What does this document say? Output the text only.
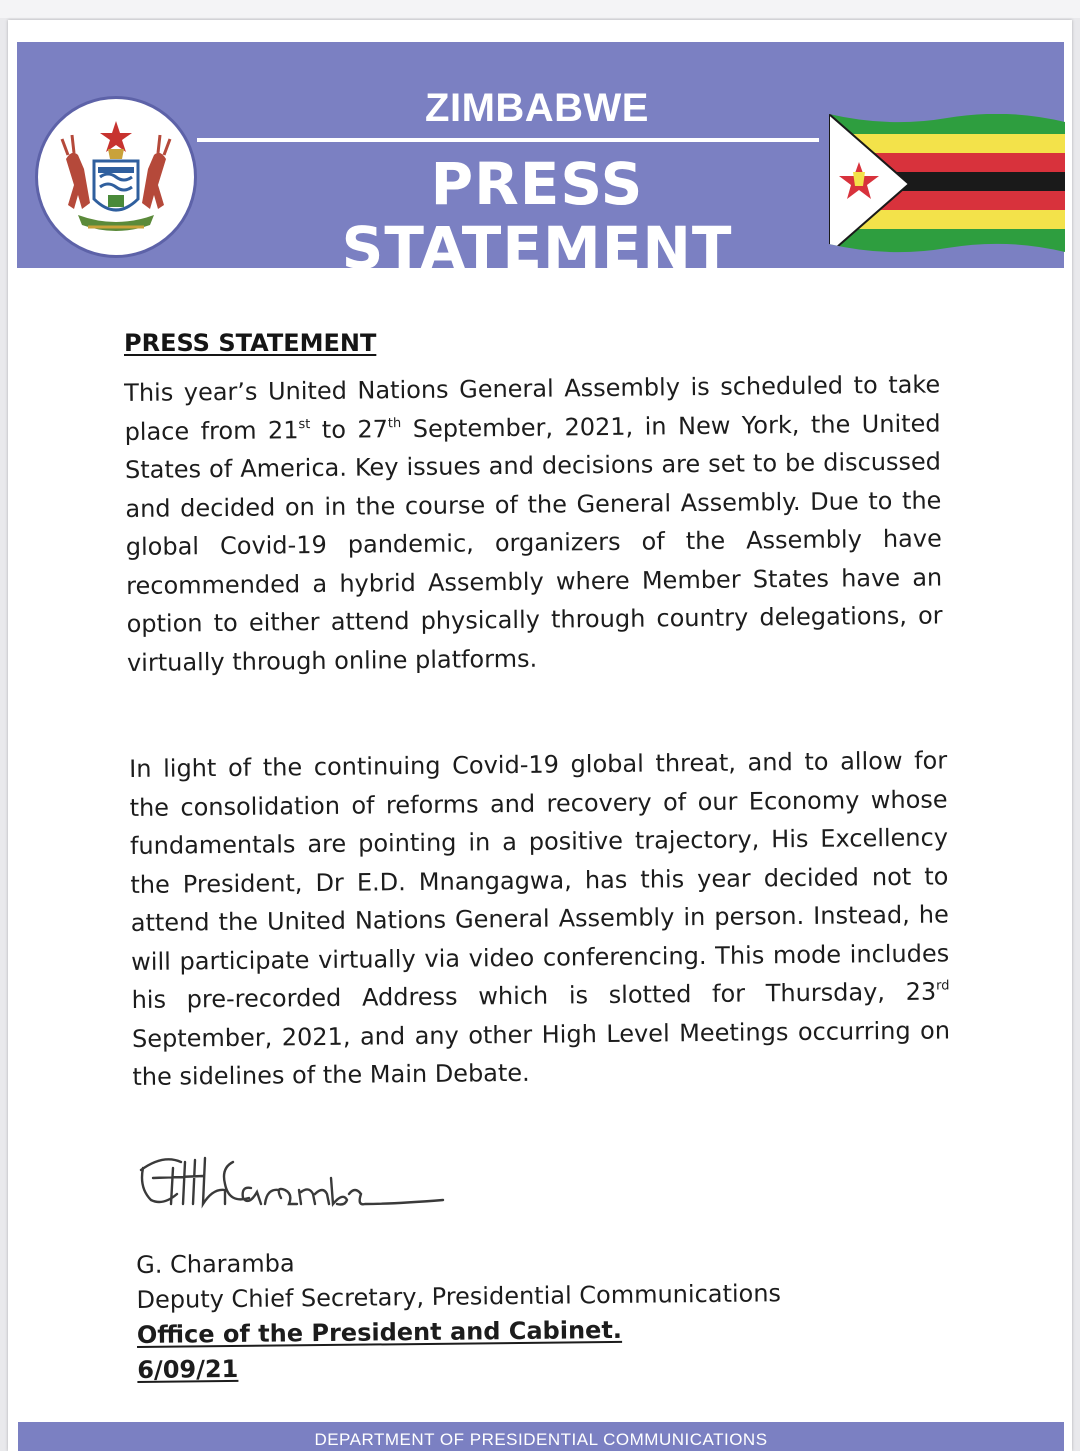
ZIMBABWE
PRESS
STATEMENT
PRESS STATEMENT
This year’s United Nations General Assembly is scheduled to take place from 21st to 27th September, 2021, in New York, the United States of America. Key issues and decisions are set to be discussed and decided on in the course of the General Assembly. Due to the global Covid-19 pandemic, organizers of the Assembly have recommended a hybrid Assembly where Member States have an option to either attend physically through country delegations, or virtually through online platforms.
In light of the continuing Covid-19 global threat, and to allow for the consolidation of reforms and recovery of our Economy whose fundamentals are pointing in a positive trajectory, His Excellency the President, Dr E.D. Mnangagwa, has this year decided not to attend the United Nations General Assembly in person. Instead, he will participate virtually via video conferencing. This mode includes his pre-recorded Address which is slotted for Thursday, 23rd September, 2021, and any other High Level Meetings occurring on the sidelines of the Main Debate.
G. Charamba
Deputy Chief Secretary, Presidential Communications
Office of the President and Cabinet.
6/09/21
DEPARTMENT OF PRESIDENTIAL COMMUNICATIONS
